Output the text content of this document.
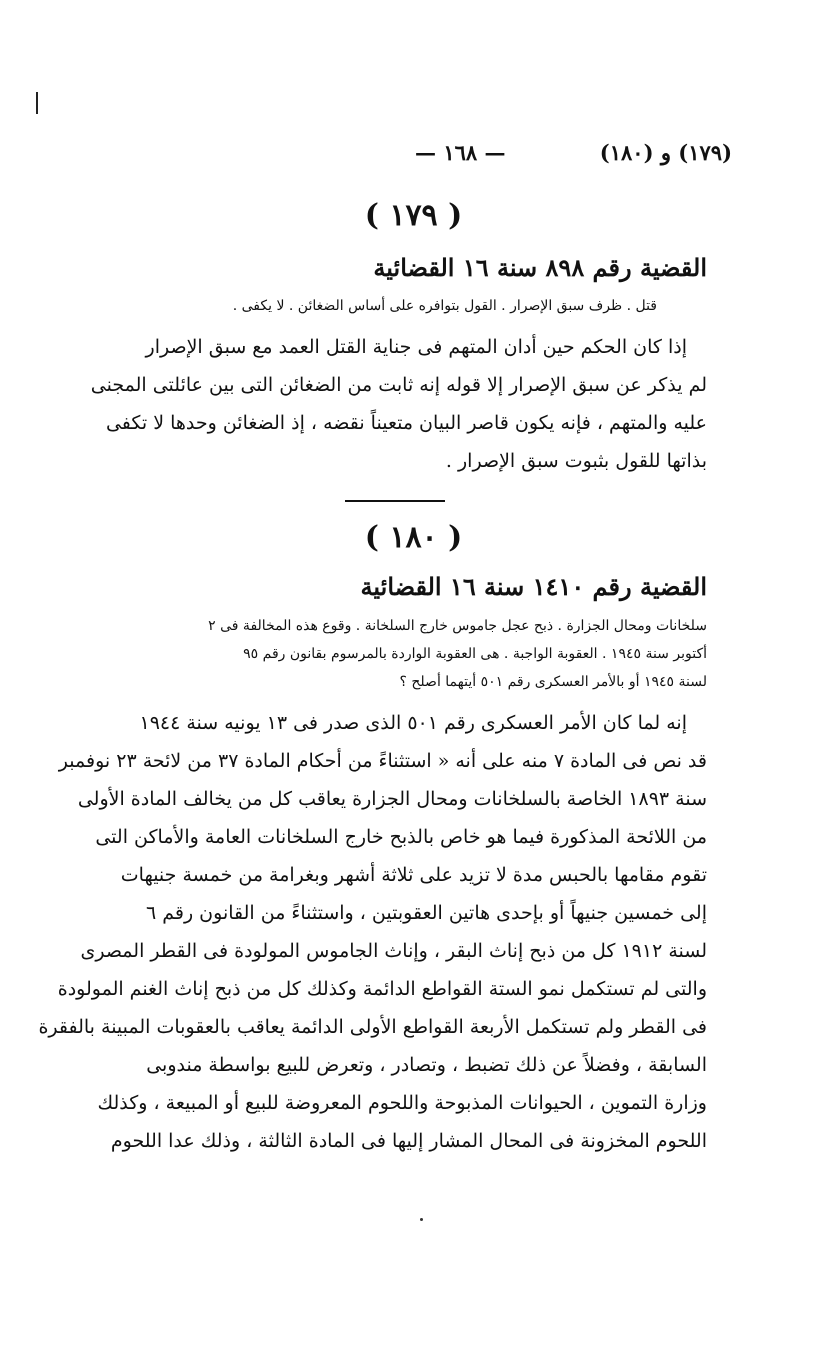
(١٧٩) و (١٨٠)
— ١٦٨ —
( ١٧٩ )
القضية رقم ٨٩٨ سنة ١٦ القضائية
قتل . ظرف سبق الإصرار . القول بتوافره على أساس الضغائن . لا يكفى .
إذا كان الحكم حين أدان المتهم فى جناية القتل العمد مع سبق الإصرار
لم يذكر عن سبق الإصرار إلا قوله إنه ثابت من الضغائن التى بين عائلتى المجنى
عليه والمتهم ، فإنه يكون قاصر البيان متعيناً نقضه ، إذ الضغائن وحدها لا تكفى
بذاتها للقول بثبوت سبق الإصرار .
( ١٨٠ )
القضية رقم ١٤١٠ سنة ١٦ القضائية
سلخانات ومحال الجزارة . ذبح عجل جاموس خارج السلخانة . وقوع هذه المخالفة فى ٢
أكتوبر سنة ١٩٤٥ . العقوبة الواجبة . هى العقوبة الواردة بالمرسوم بقانون رقم ٩٥
لسنة ١٩٤٥ أو بالأمر العسكرى رقم ٥٠١ أيتهما أصلح ؟
إنه لما كان الأمر العسكرى رقم ٥٠١ الذى صدر فى ١٣ يونيه سنة ١٩٤٤
قد نص فى المادة ٧ منه على أنه « استثناءً من أحكام المادة ٣٧ من لائحة ٢٣ نوفمبر
سنة ١٨٩٣ الخاصة بالسلخانات ومحال الجزارة يعاقب كل من يخالف المادة الأولى
من اللائحة المذكورة فيما هو خاص بالذبح خارج السلخانات العامة والأماكن التى
تقوم مقامها بالحبس مدة لا تزيد على ثلاثة أشهر وبغرامة من خمسة جنيهات
إلى خمسين جنيهاً أو بإحدى هاتين العقوبتين ، واستثناءً من القانون رقم ٦
لسنة ١٩١٢ كل من ذبح إناث البقر ، وإناث الجاموس المولودة فى القطر المصرى
والتى لم تستكمل نمو الستة القواطع الدائمة وكذلك كل من ذبح إناث الغنم المولودة
فى القطر ولم تستكمل الأربعة القواطع الأولى الدائمة يعاقب بالعقوبات المبينة بالفقرة
السابقة ، وفضلاً عن ذلك تضبط ، وتصادر ، وتعرض للبيع بواسطة مندوبى
وزارة التموين ، الحيوانات المذبوحة واللحوم المعروضة للبيع أو المبيعة ، وكذلك
اللحوم المخزونة فى المحال المشار إليها فى المادة الثالثة ، وذلك عدا اللحوم
